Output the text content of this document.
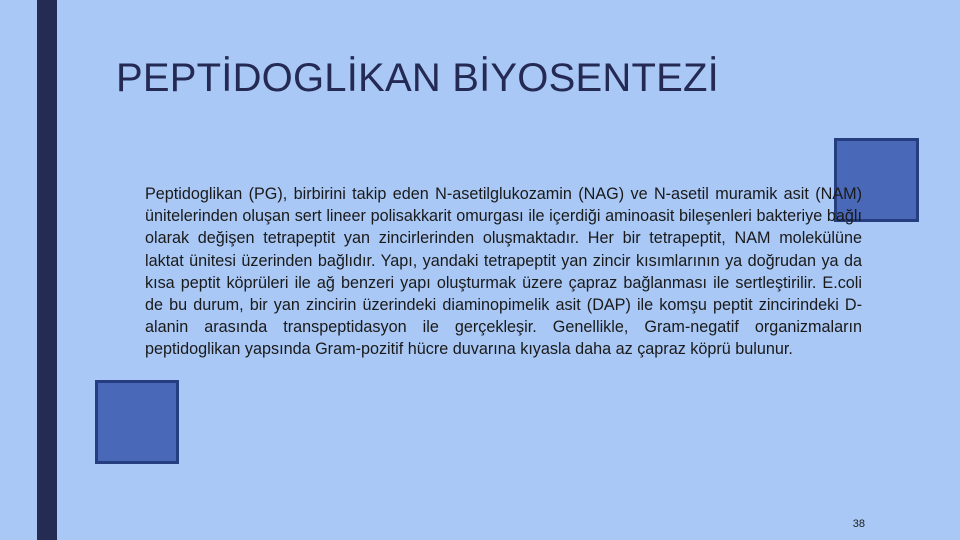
PEPTİDOGLİKAN BİYOSENTEZİ

Peptidoglikan (PG), birbirini takip eden N-asetilglukozamin (NAG) ve N-asetil muramik asit (NAM) ünitelerinden oluşan sert lineer polisakkarit omurgası ile içerdiği aminoasit bileşenleri bakteriye bağlı olarak değişen tetrapeptit yan zincirlerinden oluşmaktadır. Her bir tetrapeptit, NAM molekülüne laktat ünitesi üzerinden bağlıdır. Yapı, yandaki tetrapeptit yan zincir kısımlarının ya doğrudan ya da kısa peptit köprüleri ile ağ benzeri yapı oluşturmak üzere çapraz bağlanması ile sertleştirilir. E.coli de bu durum, bir yan zincirin üzerindeki diaminopimelik asit (DAP) ile komşu peptit zincirindeki D-alanin arasında transpeptidasyon ile gerçekleşir. Genellikle, Gram-negatif organizmaların peptidoglikan yapsında Gram-pozitif hücre duvarına kıyasla daha az çapraz köprü bulunur.

38
